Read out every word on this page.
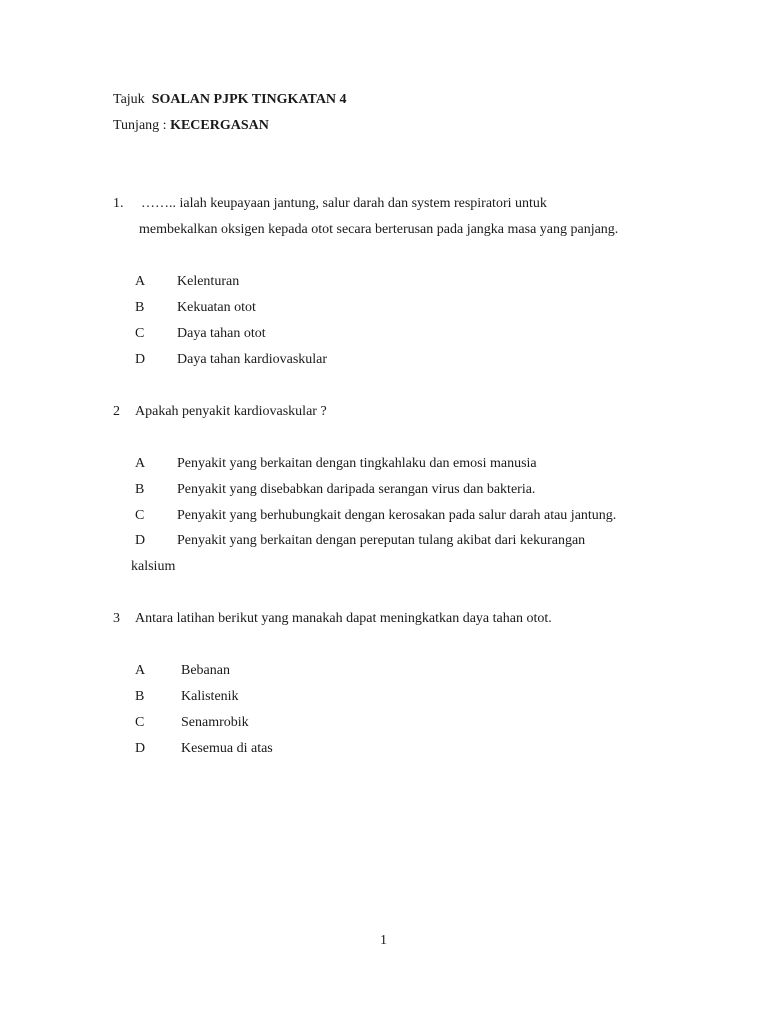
Tajuk SOALAN PJPK TINGKATAN 4
Tunjang : KECERGASAN
1. …….. ialah keupayaan jantung, salur darah dan system respiratori untuk
membekalkan oksigen kepada otot secara berterusan pada jangka masa yang panjang.
A Kelenturan
B Kekuatan otot
C Daya tahan otot
D Daya tahan kardiovaskular
2 Apakah penyakit kardiovaskular ?
A Penyakit yang berkaitan dengan tingkahlaku dan emosi manusia
B Penyakit yang disebabkan daripada serangan virus dan bakteria.
C Penyakit yang berhubungkait dengan kerosakan pada salur darah atau jantung.
D Penyakit yang berkaitan dengan pereputan tulang akibat dari kekurangan
kalsium
3 Antara latihan berikut yang manakah dapat meningkatkan daya tahan otot.
A	Bebanan
B	Kalistenik
C	Senamrobik
D	Kesemua di atas
1
